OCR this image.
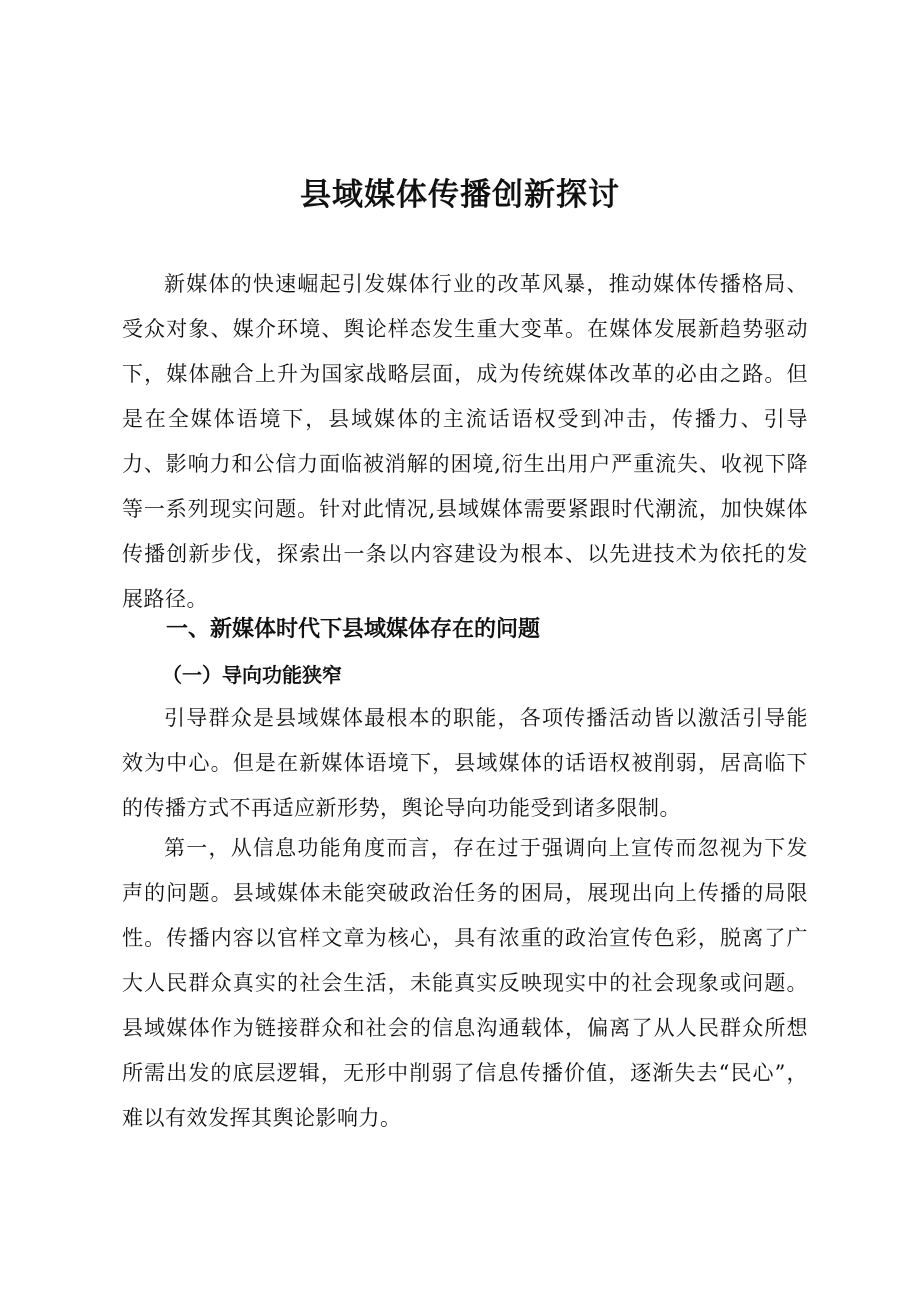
县域媒体传播创新探讨

新媒体的快速崛起引发媒体行业的改革风暴，推动媒体传播格局、受众对象、媒介环境、舆论样态发生重大变革。在媒体发展新趋势驱动下，媒体融合上升为国家战略层面，成为传统媒体改革的必由之路。但是在全媒体语境下，县域媒体的主流话语权受到冲击，传播力、引导力、影响力和公信力面临被消解的困境,衍生出用户严重流失、收视下降等一系列现实问题。针对此情况,县域媒体需要紧跟时代潮流，加快媒体传播创新步伐，探索出一条以内容建设为根本、以先进技术为依托的发展路径。

一、新媒体时代下县域媒体存在的问题
（一）导向功能狭窄

引导群众是县域媒体最根本的职能，各项传播活动皆以激活引导能效为中心。但是在新媒体语境下，县域媒体的话语权被削弱，居高临下的传播方式不再适应新形势，舆论导向功能受到诸多限制。

第一，从信息功能角度而言，存在过于强调向上宣传而忽视为下发声的问题。县域媒体未能突破政治任务的困局，展现出向上传播的局限性。传播内容以官样文章为核心，具有浓重的政治宣传色彩，脱离了广大人民群众真实的社会生活，未能真实反映现实中的社会现象或问题。县域媒体作为链接群众和社会的信息沟通载体，偏离了从人民群众所想所需出发的底层逻辑，无形中削弱了信息传播价值，逐渐失去“民心”，难以有效发挥其舆论影响力。
